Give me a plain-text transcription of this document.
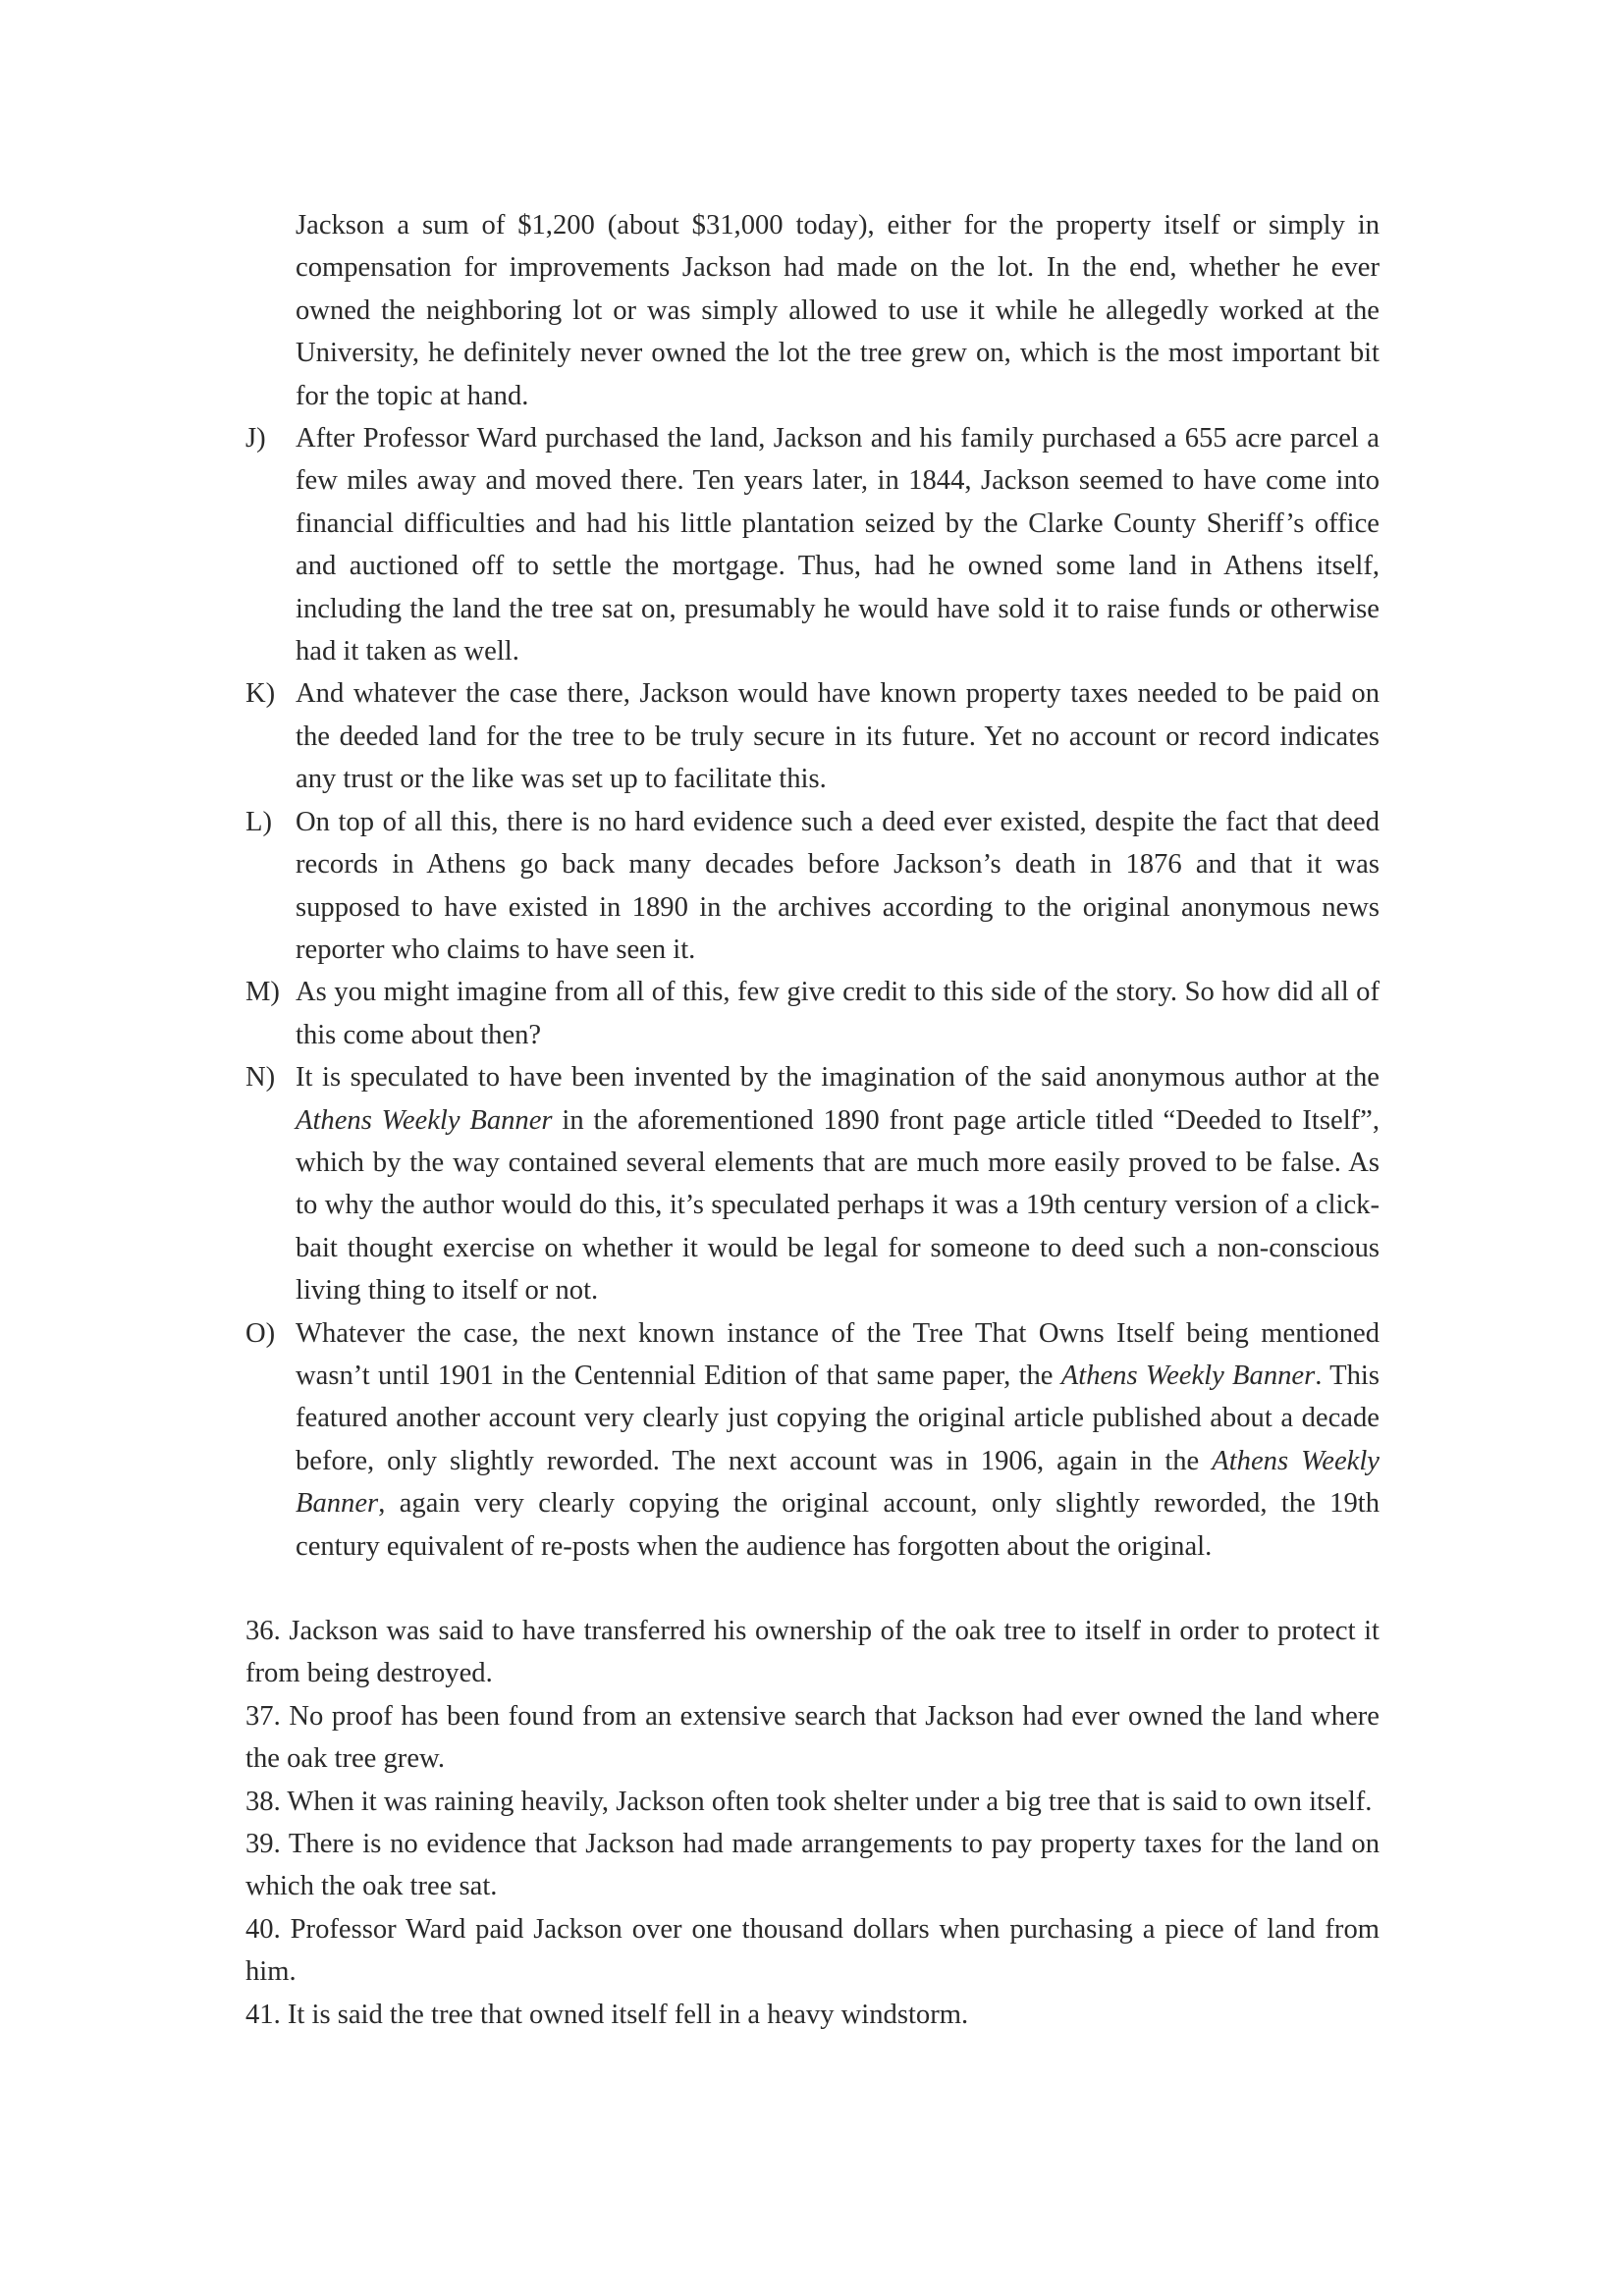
Jackson a sum of $1,200 (about $31,000 today), either for the property itself or simply in compensation for improvements Jackson had made on the lot. In the end, whether he ever owned the neighboring lot or was simply allowed to use it while he allegedly worked at the University, he definitely never owned the lot the tree grew on, which is the most important bit for the topic at hand.
J) After Professor Ward purchased the land, Jackson and his family purchased a 655 acre parcel a few miles away and moved there. Ten years later, in 1844, Jackson seemed to have come into financial difficulties and had his little plantation seized by the Clarke County Sheriff’s office and auctioned off to settle the mortgage. Thus, had he owned some land in Athens itself, including the land the tree sat on, presumably he would have sold it to raise funds or otherwise had it taken as well.
K) And whatever the case there, Jackson would have known property taxes needed to be paid on the deeded land for the tree to be truly secure in its future. Yet no account or record indicates any trust or the like was set up to facilitate this.
L) On top of all this, there is no hard evidence such a deed ever existed, despite the fact that deed records in Athens go back many decades before Jackson’s death in 1876 and that it was supposed to have existed in 1890 in the archives according to the original anonymous news reporter who claims to have seen it.
M) As you might imagine from all of this, few give credit to this side of the story. So how did all of this come about then?
N) It is speculated to have been invented by the imagination of the said anonymous author at the Athens Weekly Banner in the aforementioned 1890 front page article titled “Deeded to Itself”, which by the way contained several elements that are much more easily proved to be false. As to why the author would do this, it’s speculated perhaps it was a 19th century version of a click-bait thought exercise on whether it would be legal for someone to deed such a non-conscious living thing to itself or not.
O) Whatever the case, the next known instance of the Tree That Owns Itself being mentioned wasn’t until 1901 in the Centennial Edition of that same paper, the Athens Weekly Banner. This featured another account very clearly just copying the original article published about a decade before, only slightly reworded. The next account was in 1906, again in the Athens Weekly Banner, again very clearly copying the original account, only slightly reworded, the 19th century equivalent of re-posts when the audience has forgotten about the original.
36. Jackson was said to have transferred his ownership of the oak tree to itself in order to protect it from being destroyed.
37. No proof has been found from an extensive search that Jackson had ever owned the land where the oak tree grew.
38. When it was raining heavily, Jackson often took shelter under a big tree that is said to own itself.
39. There is no evidence that Jackson had made arrangements to pay property taxes for the land on which the oak tree sat.
40. Professor Ward paid Jackson over one thousand dollars when purchasing a piece of land from him.
41. It is said the tree that owned itself fell in a heavy windstorm.
